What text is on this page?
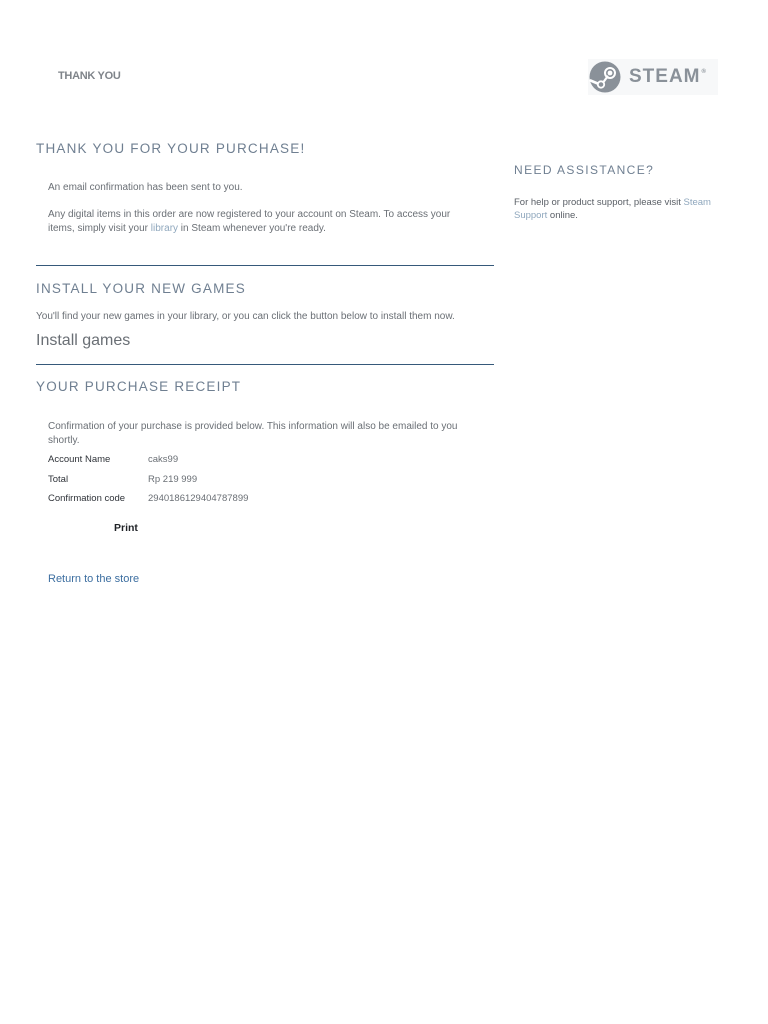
THANK YOU	STEAM®
THANK YOU FOR YOUR PURCHASE!
An email confirmation has been sent to you.
Any digital items in this order are now registered to your account on Steam. To access your items, simply visit your library in Steam whenever you're ready.
INSTALL YOUR NEW GAMES
You'll find your new games in your library, or you can click the button below to install them now.
Install games
YOUR PURCHASE RECEIPT
Confirmation of your purchase is provided below. This information will also be emailed to you shortly.
Account Name	caks99
Total	Rp 219 999
Confirmation code 2940186129404787899
Print
Return to the store
NEED ASSISTANCE?
For help or product support, please visit Steam Support online.
